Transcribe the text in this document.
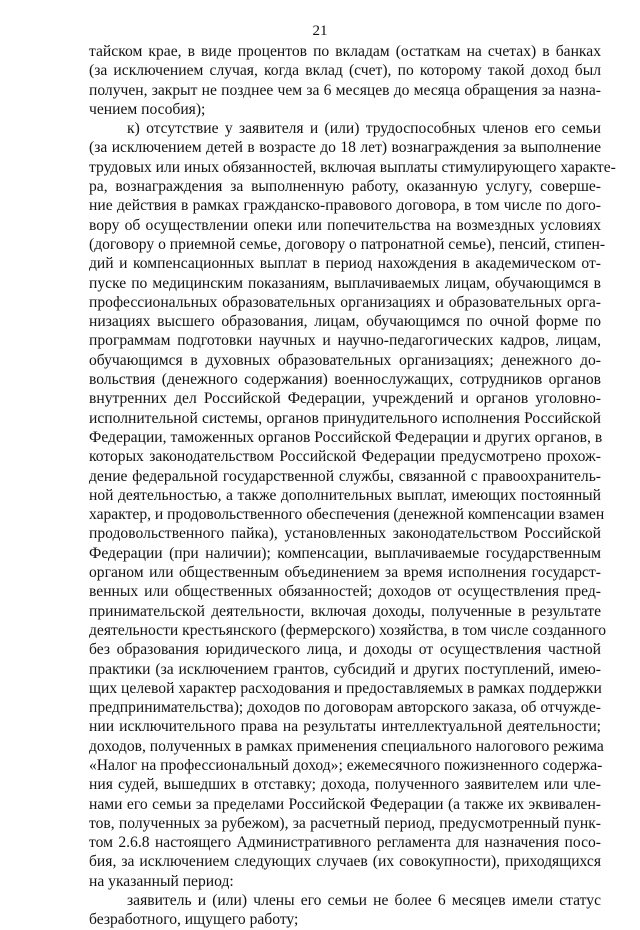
21
тайском крае, в виде процентов по вкладам (остаткам на счетах) в банках
(за исключением случая, когда вклад (счет), по которому такой доход был
получен, закрыт не позднее чем за 6 месяцев до месяца обращения за назна-
чением пособия);
к) отсутствие у заявителя и (или) трудоспособных членов его семьи
(за исключением детей в возрасте до 18 лет) вознаграждения за выполнение
трудовых или иных обязанностей, включая выплаты стимулирующего характе-
ра, вознаграждения за выполненную работу, оказанную услугу, соверше-
ние действия в рамках гражданско-правового договора, в том числе по дого-
вору об осуществлении опеки или попечительства на возмездных условиях
(договору о приемной семье, договору о патронатной семье), пенсий, стипен-
дий и компенсационных выплат в период нахождения в академическом от-
пуске по медицинским показаниям, выплачиваемых лицам, обучающимся в
профессиональных образовательных организациях и образовательных орга-
низациях высшего образования, лицам, обучающимся по очной форме по
программам подготовки научных и научно-педагогических кадров, лицам,
обучающимся в духовных образовательных организациях; денежного до-
вольствия (денежного содержания) военнослужащих, сотрудников органов
внутренних дел Российской Федерации, учреждений и органов уголовно-
исполнительной системы, органов принудительного исполнения Российской
Федерации, таможенных органов Российской Федерации и других органов, в
которых законодательством Российской Федерации предусмотрено прохож-
дение федеральной государственной службы, связанной с правоохранитель-
ной деятельностью, а также дополнительных выплат, имеющих постоянный
характер, и продовольственного обеспечения (денежной компенсации взамен
продовольственного пайка), установленных законодательством Российской
Федерации (при наличии); компенсации, выплачиваемые государственным
органом или общественным объединением за время исполнения государст-
венных или общественных обязанностей; доходов от осуществления пред-
принимательской деятельности, включая доходы, полученные в результате
деятельности крестьянского (фермерского) хозяйства, в том числе созданного
без образования юридического лица, и доходы от осуществления частной
практики (за исключением грантов, субсидий и других поступлений, имею-
щих целевой характер расходования и предоставляемых в рамках поддержки
предпринимательства); доходов по договорам авторского заказа, об отчужде-
нии исключительного права на результаты интеллектуальной деятельности;
доходов, полученных в рамках применения специального налогового режима
«Налог на профессиональный доход»; ежемесячного пожизненного содержа-
ния судей, вышедших в отставку; дохода, полученного заявителем или чле-
нами его семьи за пределами Российской Федерации (а также их эквивален-
тов, полученных за рубежом), за расчетный период, предусмотренный пунк-
том 2.6.8 настоящего Административного регламента для назначения посо-
бия, за исключением следующих случаев (их совокупности), приходящихся
на указанный период:
заявитель и (или) члены его семьи не более 6 месяцев имели статус
безработного, ищущего работу;
